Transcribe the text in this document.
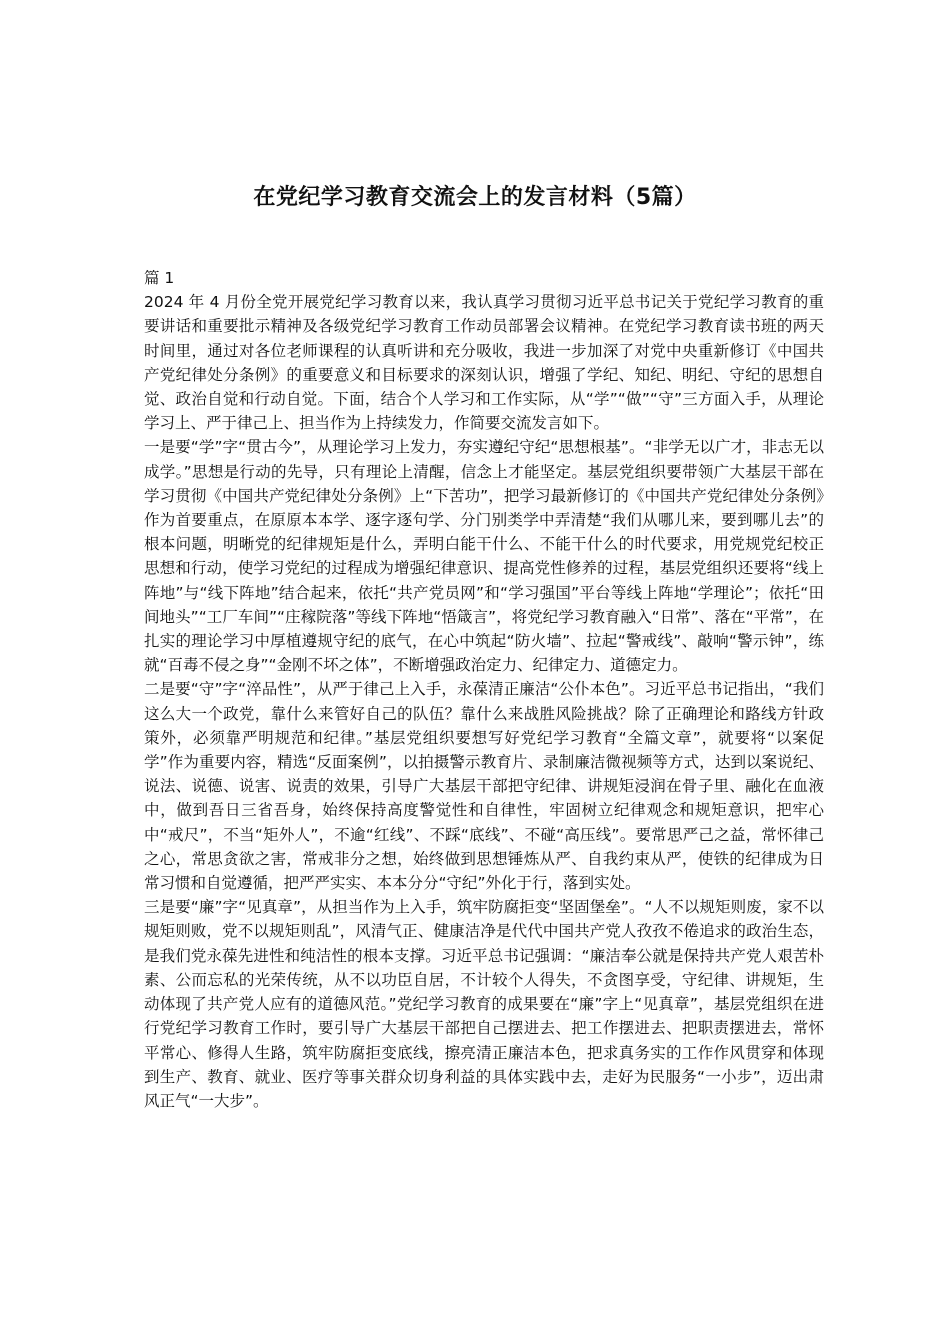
在党纪学习教育交流会上的发言材料（5篇）

篇 1

2024 年 4 月份全党开展党纪学习教育以来，我认真学习贯彻习近平总书记关于党纪学习教育的重要讲话和重要批示精神及各级党纪学习教育工作动员部署会议精神。在党纪学习教育读书班的两天时间里，通过对各位老师课程的认真听讲和充分吸收，我进一步加深了对党中央重新修订《中国共产党纪律处分条例》的重要意义和目标要求的深刻认识，增强了学纪、知纪、明纪、守纪的思想自觉、政治自觉和行动自觉。下面，结合个人学习和工作实际，从“学”“做”“守”三方面入手，从理论学习上、严于律己上、担当作为上持续发力，作简要交流发言如下。

一是要“学”字“贯古今”，从理论学习上发力，夯实遵纪守纪“思想根基”。“非学无以广才，非志无以成学。”思想是行动的先导，只有理论上清醒，信念上才能坚定。基层党组织要带领广大基层干部在学习贯彻《中国共产党纪律处分条例》上“下苦功”，把学习最新修订的《中国共产党纪律处分条例》作为首要重点，在原原本本学、逐字逐句学、分门别类学中弄清楚“我们从哪儿来，要到哪儿去”的根本问题，明晰党的纪律规矩是什么，弄明白能干什么、不能干什么的时代要求，用党规党纪校正思想和行动，使学习党纪的过程成为增强纪律意识、提高党性修养的过程，基层党组织还要将“线上阵地”与“线下阵地”结合起来，依托“共产党员网”和“学习强国”平台等线上阵地“学理论”；依托“田间地头”“工厂车间”“庄稼院落”等线下阵地“悟箴言”，将党纪学习教育融入“日常”、落在“平常”，在扎实的理论学习中厚植遵规守纪的底气，在心中筑起“防火墙”、拉起“警戒线”、敲响“警示钟”，练就“百毒不侵之身”“金刚不坏之体”，不断增强政治定力、纪律定力、道德定力。

二是要“守”字“淬品性”，从严于律己上入手，永葆清正廉洁“公仆本色”。习近平总书记指出，“我们这么大一个政党，靠什么来管好自己的队伍？靠什么来战胜风险挑战？除了正确理论和路线方针政策外，必须靠严明规范和纪律。”基层党组织要想写好党纪学习教育“全篇文章”，就要将“以案促学”作为重要内容，精选“反面案例”，以拍摄警示教育片、录制廉洁微视频等方式，达到以案说纪、说法、说德、说害、说责的效果，引导广大基层干部把守纪律、讲规矩浸润在骨子里、融化在血液中，做到吾日三省吾身，始终保持高度警觉性和自律性，牢固树立纪律观念和规矩意识，把牢心中“戒尺”，不当“矩外人”，不逾“红线”、不踩“底线”、不碰“高压线”。要常思严己之益，常怀律己之心，常思贪欲之害，常戒非分之想，始终做到思想锤炼从严、自我约束从严，使铁的纪律成为日常习惯和自觉遵循，把严严实实、本本分分“守纪”外化于行，落到实处。

三是要“廉”字“见真章”，从担当作为上入手，筑牢防腐拒变“坚固堡垒”。“人不以规矩则废，家不以规矩则败，党不以规矩则乱”，风清气正、健康洁净是代代中国共产党人孜孜不倦追求的政治生态，是我们党永葆先进性和纯洁性的根本支撑。习近平总书记强调：“廉洁奉公就是保持共产党人艰苦朴素、公而忘私的光荣传统，从不以功臣自居，不计较个人得失，不贪图享受，守纪律、讲规矩，生动体现了共产党人应有的道德风范。”党纪学习教育的成果要在“廉”字上“见真章”，基层党组织在进行党纪学习教育工作时，要引导广大基层干部把自己摆进去、把工作摆进去、把职责摆进去，常怀平常心、修得人生路，筑牢防腐拒变底线，擦亮清正廉洁本色，把求真务实的工作作风贯穿和体现到生产、教育、就业、医疗等事关群众切身利益的具体实践中去，走好为民服务“一小步”，迈出肃风正气“一大步”。
